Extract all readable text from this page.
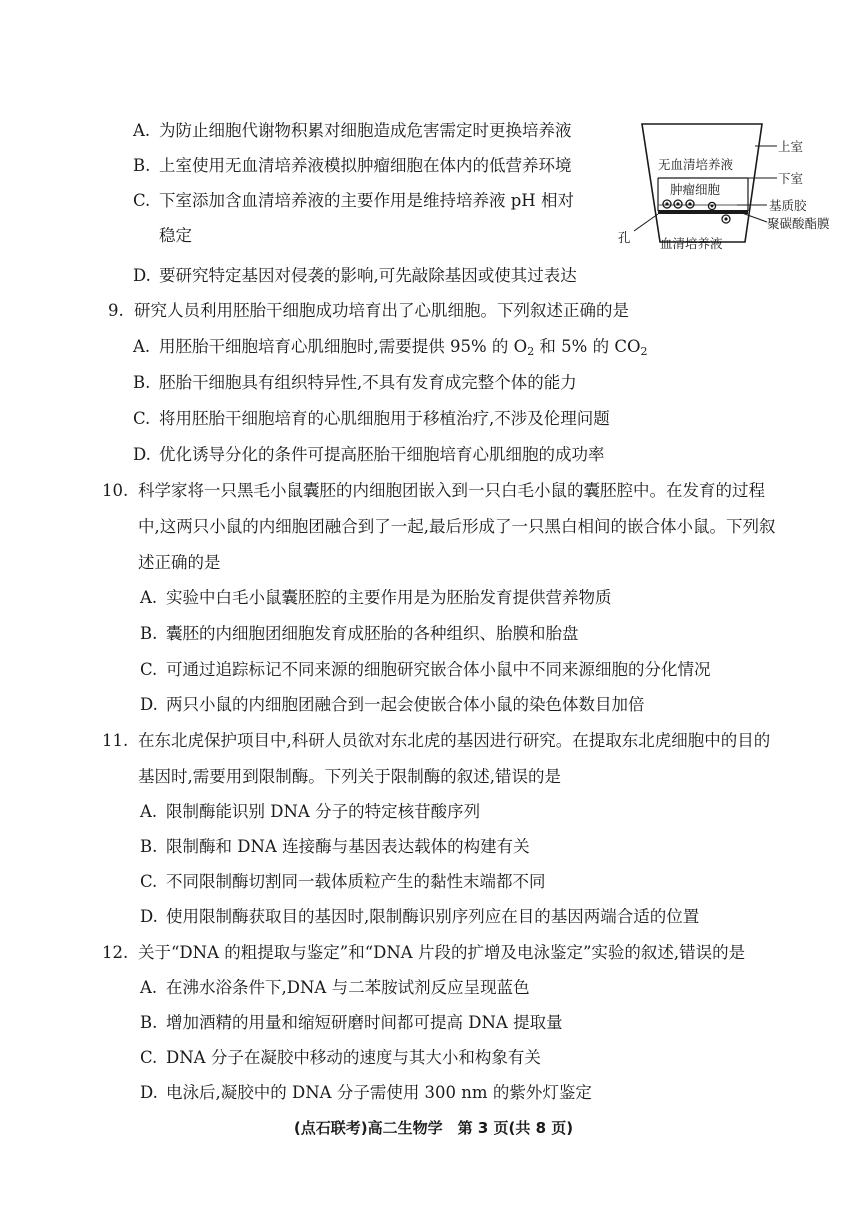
A. 为防止细胞代谢物积累对细胞造成危害需定时更换培养液
B. 上室使用无血清培养液模拟肿瘤细胞在体内的低营养环境
C. 下室添加含血清培养液的主要作用是维持培养液 pH 相对
稳定
D. 要研究特定基因对侵袭的影响,可先敲除基因或使其过表达
上室
下室
无血清培养液
肿瘤细胞
基质胶
聚碳酸酯膜
孔 血清培养液
9. 研究人员利用胚胎干细胞成功培育出了心肌细胞。下列叙述正确的是
A. 用胚胎干细胞培育心肌细胞时,需要提供 95% 的 $O_2$ 和 5% 的 $CO_2$
B. 胚胎干细胞具有组织特异性,不具有发育成完整个体的能力
C. 将用胚胎干细胞培育的心肌细胞用于移植治疗,不涉及伦理问题
D. 优化诱导分化的条件可提高胚胎干细胞培育心肌细胞的成功率
10. 科学家将一只黑毛小鼠囊胚的内细胞团嵌入到一只白毛小鼠的囊胚腔中。在发育的过程
中,这两只小鼠的内细胞团融合到了一起,最后形成了一只黑白相间的嵌合体小鼠。下列叙
述正确的是
A. 实验中白毛小鼠囊胚腔的主要作用是为胚胎发育提供营养物质
B. 囊胚的内细胞团细胞发育成胚胎的各种组织、胎膜和胎盘
C. 可通过追踪标记不同来源的细胞研究嵌合体小鼠中不同来源细胞的分化情况
D. 两只小鼠的内细胞团融合到一起会使嵌合体小鼠的染色体数目加倍
11. 在东北虎保护项目中,科研人员欲对东北虎的基因进行研究。在提取东北虎细胞中的目的
基因时,需要用到限制酶。下列关于限制酶的叙述,错误的是
A. 限制酶能识别 DNA 分子的特定核苷酸序列
B. 限制酶和 DNA 连接酶与基因表达载体的构建有关
C. 不同限制酶切割同一载体质粒产生的黏性末端都不同
D. 使用限制酶获取目的基因时,限制酶识别序列应在目的基因两端合适的位置
12. 关于“DNA 的粗提取与鉴定”和“DNA 片段的扩增及电泳鉴定”实验的叙述,错误的是
A. 在沸水浴条件下,DNA 与二苯胺试剂反应呈现蓝色
B. 增加酒精的用量和缩短研磨时间都可提高 DNA 提取量
C. DNA 分子在凝胶中移动的速度与其大小和构象有关
D. 电泳后,凝胶中的 DNA 分子需使用 300 nm 的紫外灯鉴定
(点石联考)高二生物学　第 3 页(共 8 页)
